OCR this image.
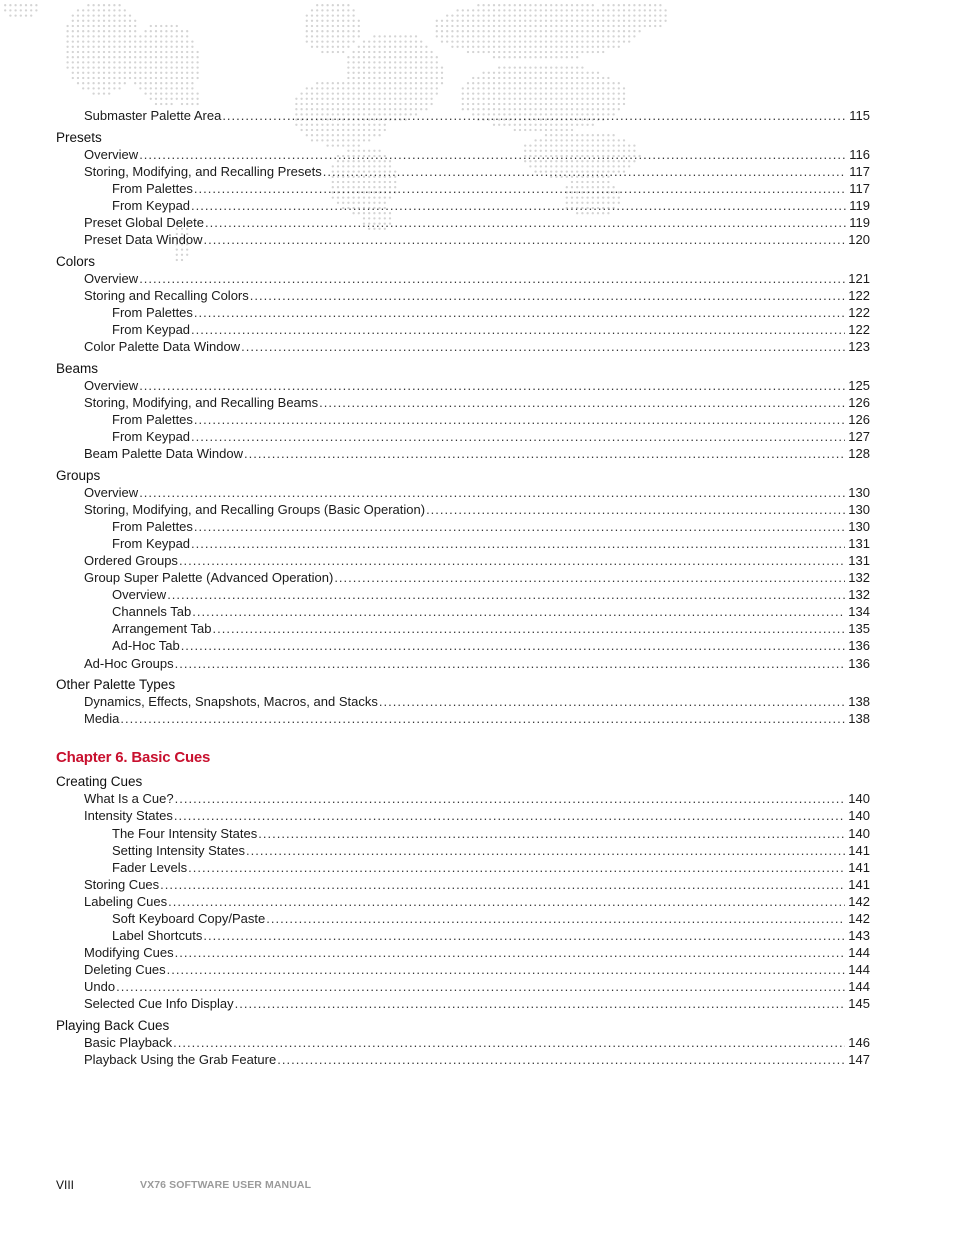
Submaster Palette Area . . .	115
Presets
Overview . . .	116
Storing, Modifying, and Recalling Presets . . .	117
From Palettes . . .	117
From Keypad . . .	119
Preset Global Delete . . .	119
Preset Data Window . . .	120
Colors
Overview . . .	121
Storing and Recalling Colors . . .	122
From Palettes . . .	122
From Keypad . . .	122
Color Palette Data Window . . .	123
Beams
Overview . . .	125
Storing, Modifying, and Recalling Beams . . .	126
From Palettes . . .	126
From Keypad . . .	127
Beam Palette Data Window . . .	128
Groups
Overview . . .	130
Storing, Modifying, and Recalling Groups (Basic Operation) . . .	130
From Palettes . . .	130
From Keypad . . .	131
Ordered Groups . . .	131
Group Super Palette (Advanced Operation) . . .	132
Overview . . .	132
Channels Tab . . .	134
Arrangement Tab . . .	135
Ad-Hoc Tab . . .	136
Ad-Hoc Groups . . .	136
Other Palette Types
Dynamics, Effects, Snapshots, Macros, and Stacks . . .	138
Media . . .	138
Chapter 6. Basic Cues
Creating Cues
What Is a Cue? . . .	140
Intensity States . . .	140
The Four Intensity States . . .	140
Setting Intensity States . . .	141
Fader Levels . . .	141
Storing Cues . . .	141
Labeling Cues . . .	142
Soft Keyboard Copy/Paste . . .	142
Label Shortcuts . . .	143
Modifying Cues . . .	144
Deleting Cues . . .	144
Undo . . .	144
Selected Cue Info Display . . .	145
Playing Back Cues
Basic Playback . . .	146
Playback Using the Grab Feature . . .	147
VIII	VX76 SOFTWARE USER MANUAL
